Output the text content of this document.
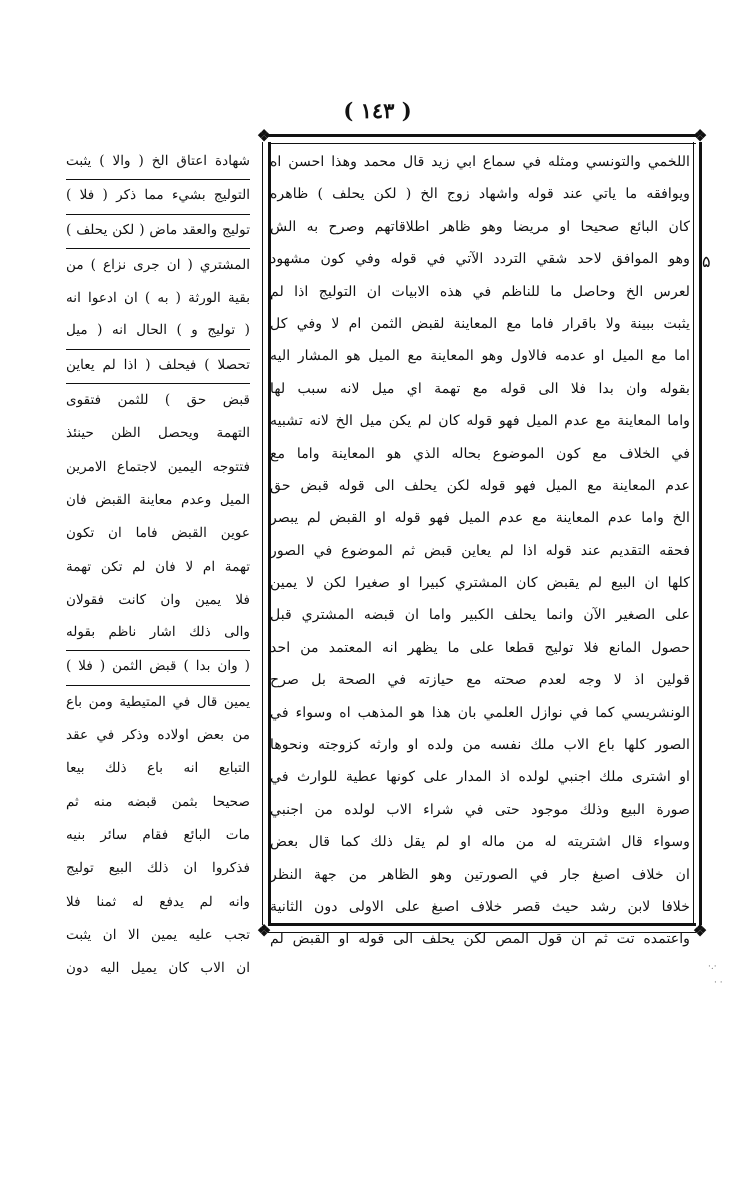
( ١٤٣ )
❖	❖
❖	❖
اللخمي والتونسي ومثله في سماع ابي زيد قال محمد وهذا احسن اه
ويوافقه ما ياتي عند قوله واشهاد زوج الخ ( لكن يحلف ) ظاهره
كان البائع صحيحا او مريضا وهو ظاهر اطلاقاتهم وصرح به الش
وهو الموافق لاحد شقي التردد الآتي في قوله وفي كون مشهود
لعرس الخ وحاصل ما للناظم في هذه الابيات ان التوليج اذا لم
يثبت ببينة ولا باقرار فاما مع المعاينة لقبض الثمن ام لا وفي كل
اما مع الميل او عدمه فالاول وهو المعاينة مع الميل هو المشار اليه
بقوله وان بدا فلا الى قوله مع تهمة اي ميل لانه سبب لها
واما المعاينة مع عدم الميل فهو قوله كان لم يكن ميل الخ لانه تشبيه
في الخلاف مع كون الموضوع بحاله الذي هو المعاينة واما مع
عدم المعاينة مع الميل فهو قوله لكن يحلف الى قوله قبض حق
الخ واما عدم المعاينة مع عدم الميل فهو قوله او القبض لم يبصر
فحقه التقديم عند قوله اذا لم يعاين قبض ثم الموضوع في الصور
كلها ان البيع لم يقبض كان المشتري كبيرا او صغيرا لكن لا يمين
على الصغير الآن وانما يحلف الكبير واما ان قبضه المشتري قبل
حصول المانع فلا توليج قطعا على ما يظهر انه المعتمد من احد
قولين اذ لا وجه لعدم صحته مع حيازته في الصحة بل صرح
الونشريسي كما في نوازل العلمي بان هذا هو المذهب اه وسواء في
الصور كلها باع الاب ملك نفسه من ولده او وارثه كزوجته ونحوها
او اشترى ملك اجنبي لولده اذ المدار على كونها عطية للوارث في
صورة البيع وذلك موجود حتى في شراء الاب لولده من اجنبي
وسواء قال اشتريته له من ماله او لم يقل ذلك كما قال بعض
ان خلاف اصبغ جار في الصورتين وهو الظاهر من جهة النظر
خلافا لابن رشد حيث قصر خلاف اصبغ على الاولى دون الثانية
واعتمده تت ثم ان قول المص لكن يحلف الى قوله او القبض لم
شهادة اعتاق الخ ( والا ) يثبت
التوليج بشيء مما ذكر ( فلا )
توليج والعقد ماض ( لكن يحلف )
المشتري ( ان جرى نزاع ) من
بقية الورثة ( به ) ان ادعوا انه
( توليج و ) الحال انه ( ميل
تحصلا ) فيحلف ( اذا لم يعاين
قبض حق ) للثمن فتقوى
التهمة ويحصل الظن حينئذ
فتتوجه اليمين لاجتماع الامرين
الميل وعدم معاينة القبض فان
عوين القبض فاما ان تكون
تهمة ام لا فان لم تكن تهمة
فلا يمين وان كانت فقولان
والى ذلك اشار ناظم بقوله
( وان بدا ) قبض الثمن ( فلا )
يمين قال في المتيطية ومن باع
من بعض اولاده وذكر في عقد
التبايع انه باع ذلك بيعا
صحيحا بثمن قبضه منه ثم
مات البائع فقام سائر بنيه
فذكروا ان ذلك البيع توليج
وانه لم يدفع له ثمنا فلا
تجب عليه يمين الا ان يثبت
ان الاب كان يميل اليه دون
۵
·.·
· ·
